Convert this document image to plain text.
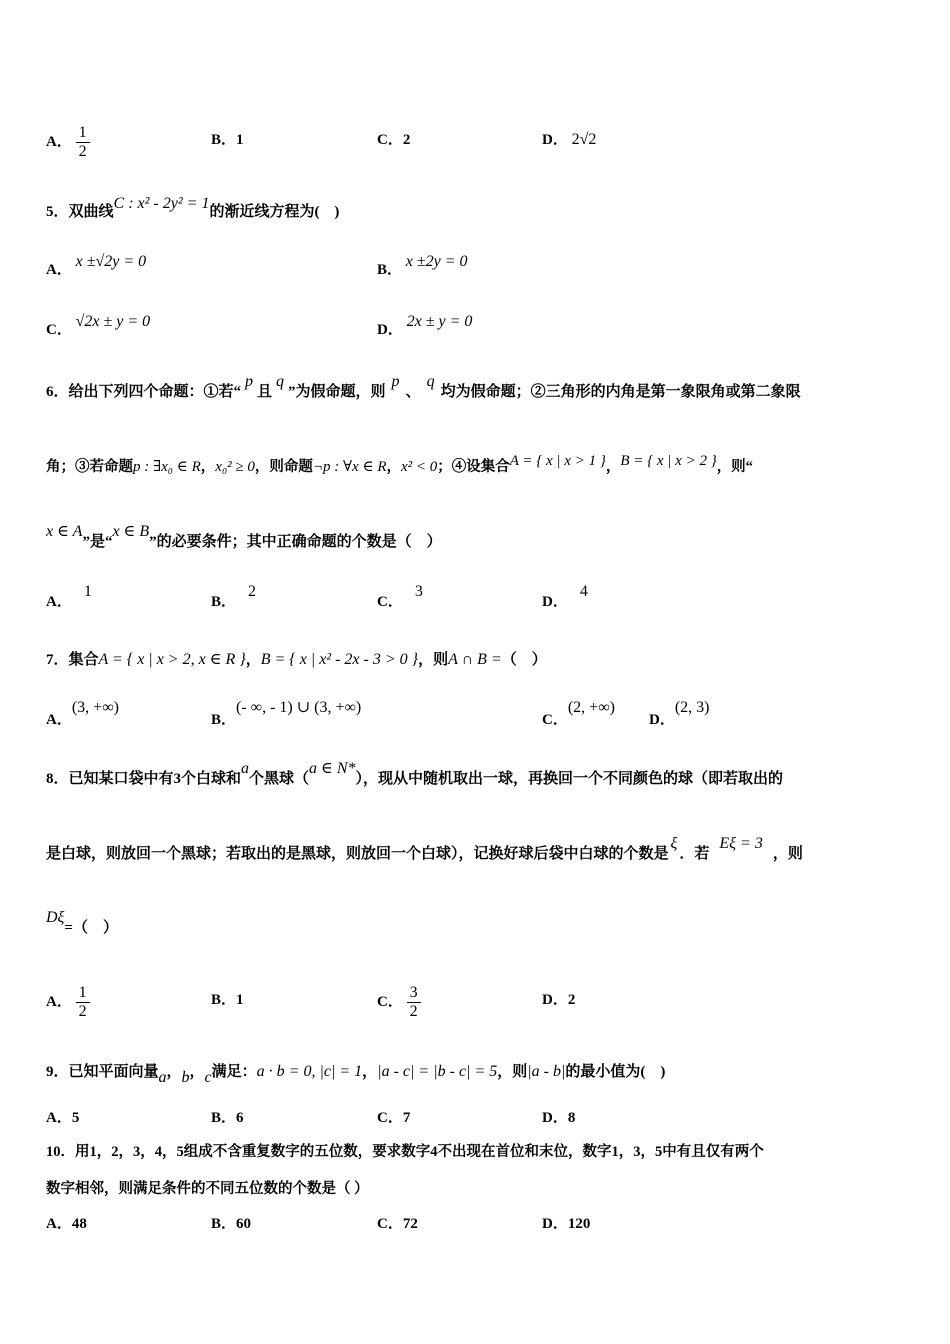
A． $\frac{1}{2}$	B．1	C．2	D． 2√2
5．双曲线C : x² - 2y² = 1的渐近线方程为(　)
A． x ±√2y = 0	B． x ±2y = 0
C． √2x ± y = 0	D． 2x ± y = 0
6．给出下列四个命题：①若“p且q”为假命题，则p、q均为假命题；②三角形的内角是第一象限角或第二象限
角；③若命题p : ∃x₀ ∈ R，x₀² ≥ 0，则命题¬p : ∀x ∈ R，x² < 0；④设集合A = { x | x > 1 }，B = { x | x > 2 }，则“
x ∈ A”是“x ∈ B”的必要条件；其中正确命题的个数是（　）
A．1
B．2
C．3
D．4
7．集合A = { x | x > 2, x ∈ R }，B = { x | x² - 2x - 3 > 0 }，则A ∩ B =（　）
A．(3, +∞)
B．(- ∞, - 1) ∪ (3, +∞)
C．(2, +∞)
D．(2, 3)
8．已知某口袋中有3个白球和a个黑球（a ∈ N*），现从中随机取出一球，再换回一个不同颜色的球（即若取出的
是白球，则放回一个黑球；若取出的是黑球，则放回一个白球），记换好球后袋中白球的个数是ξ．若Eξ = 3，则
Dξ=（　）
A． $\frac{1}{2}$	B．1	C． $\frac{3}{2}$	D．2
9．已知平面向量a，b，c满足：a · b = 0, |c| = 1，|a - c| = |b - c| = 5，则|a - b|的最小值为(　)
A．5	B．6	C．7	D．8
10．用1，2，3，4，5组成不含重复数字的五位数，要求数字4不出现在首位和末位，数字1，3，5中有且仅有两个
数字相邻，则满足条件的不同五位数的个数是（ ）
A．48	B．60	C．72	D．120
